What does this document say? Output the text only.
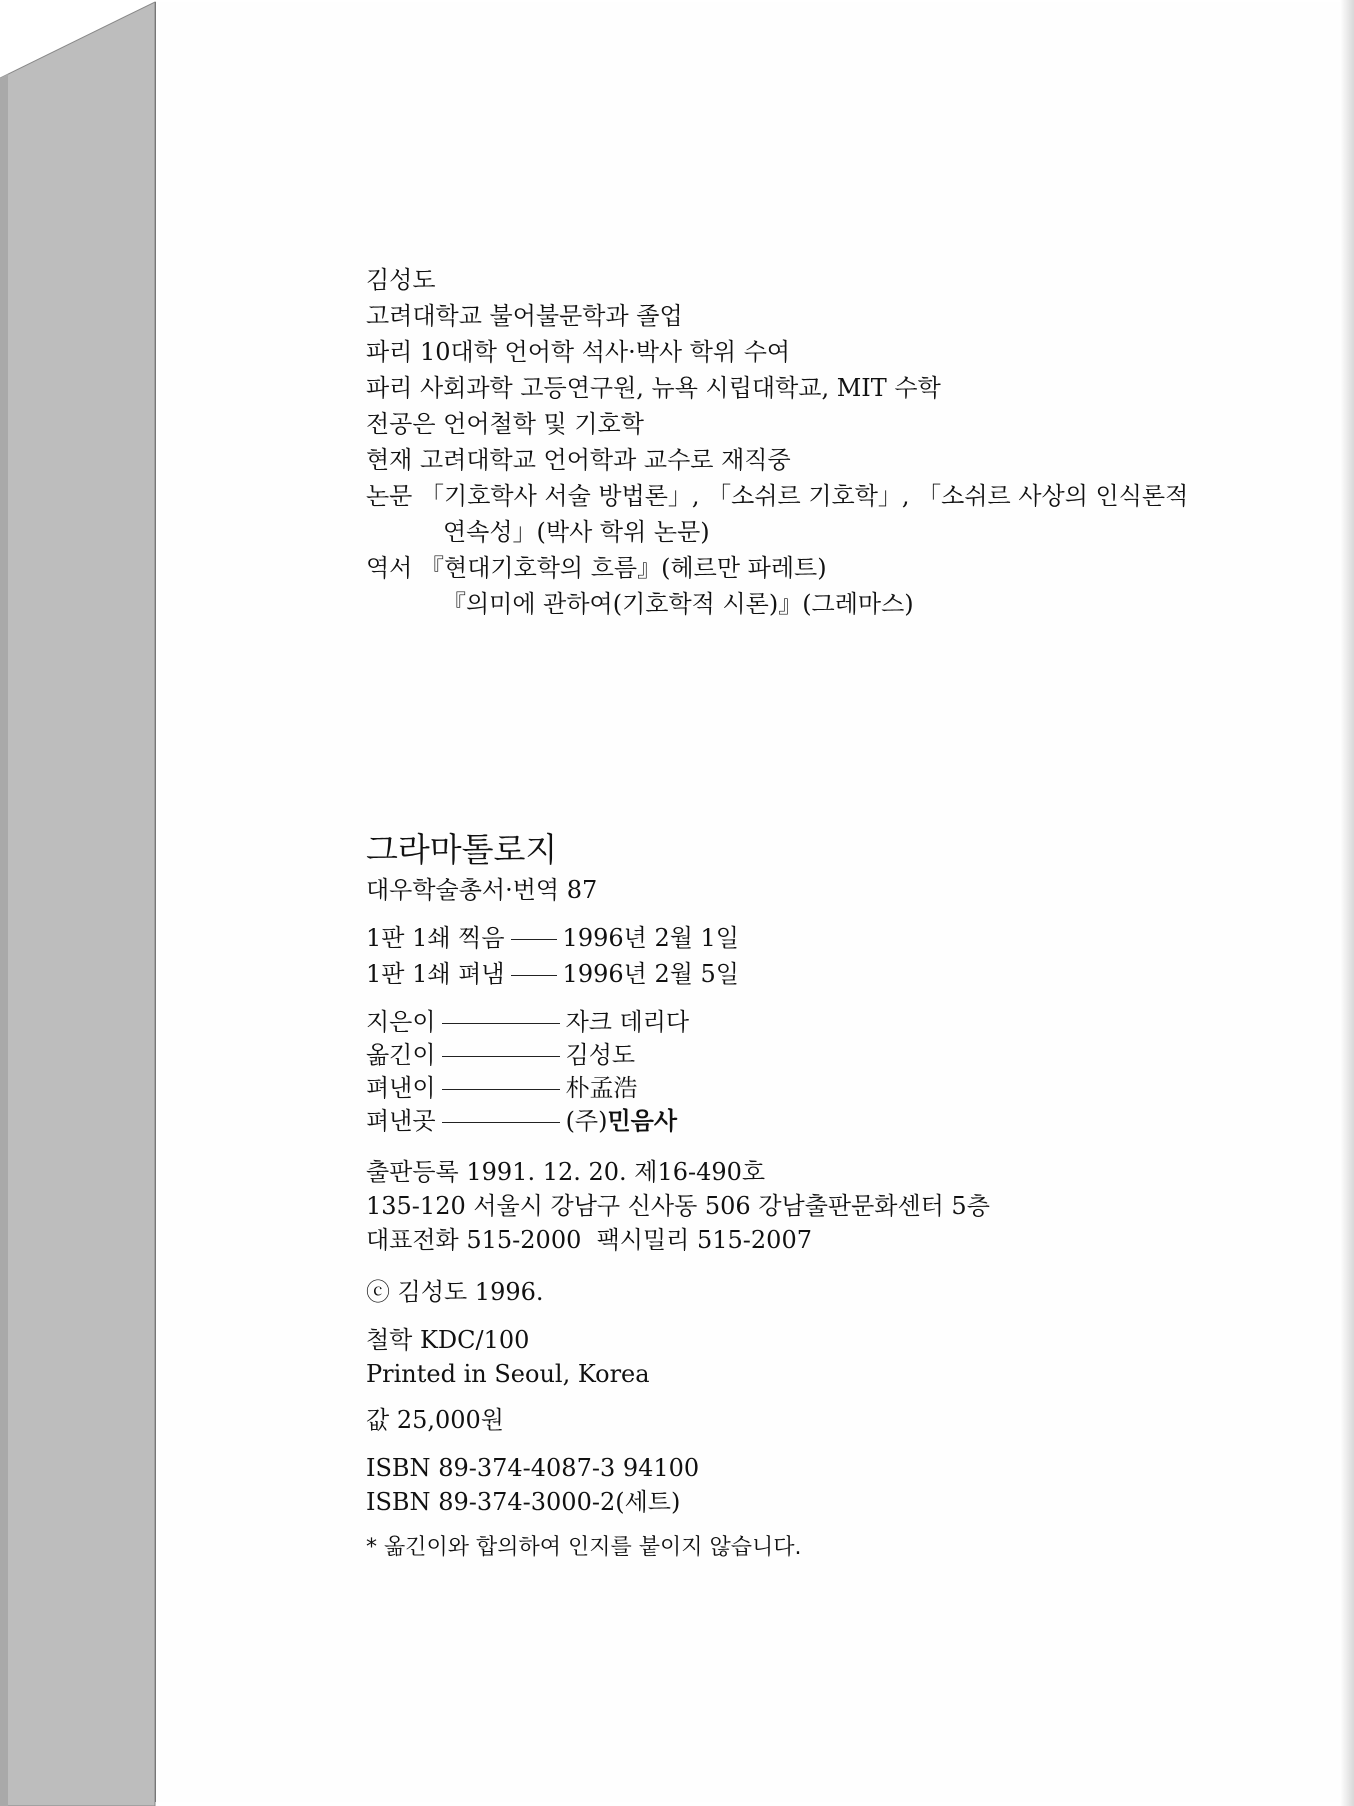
김성도
고려대학교 불어불문학과 졸업
파리 10대학 언어학 석사·박사 학위 수여
파리 사회과학 고등연구원, 뉴욕 시립대학교, MIT 수학
전공은 언어철학 및 기호학
현재 고려대학교 언어학과 교수로 재직중
논문 「기호학사 서술 방법론」, 「소쉬르 기호학」, 「소쉬르 사상의 인식론적
연속성」(박사 학위 논문)
역서 『현대기호학의 흐름』(헤르만 파레트)
『의미에 관하여(기호학적 시론)』(그레마스)
그라마톨로지
대우학술총서·번역 87
1판 1쇄 찍음 1996년 2월 1일
1판 1쇄 펴냄 1996년 2월 5일
지은이	자크 데리다
옮긴이	김성도
펴낸이	朴孟浩
펴낸곳	(주)민음사
출판등록 1991. 12. 20. 제16-490호
135-120 서울시 강남구 신사동 506 강남출판문화센터 5층
대표전화 515-2000  팩시밀리 515-2007
ⓒ 김성도 1996.
철학 KDC/100
Printed in Seoul, Korea
값 25,000원
ISBN 89-374-4087-3 94100
ISBN 89-374-3000-2(세트)
* 옮긴이와 합의하여 인지를 붙이지 않습니다.
